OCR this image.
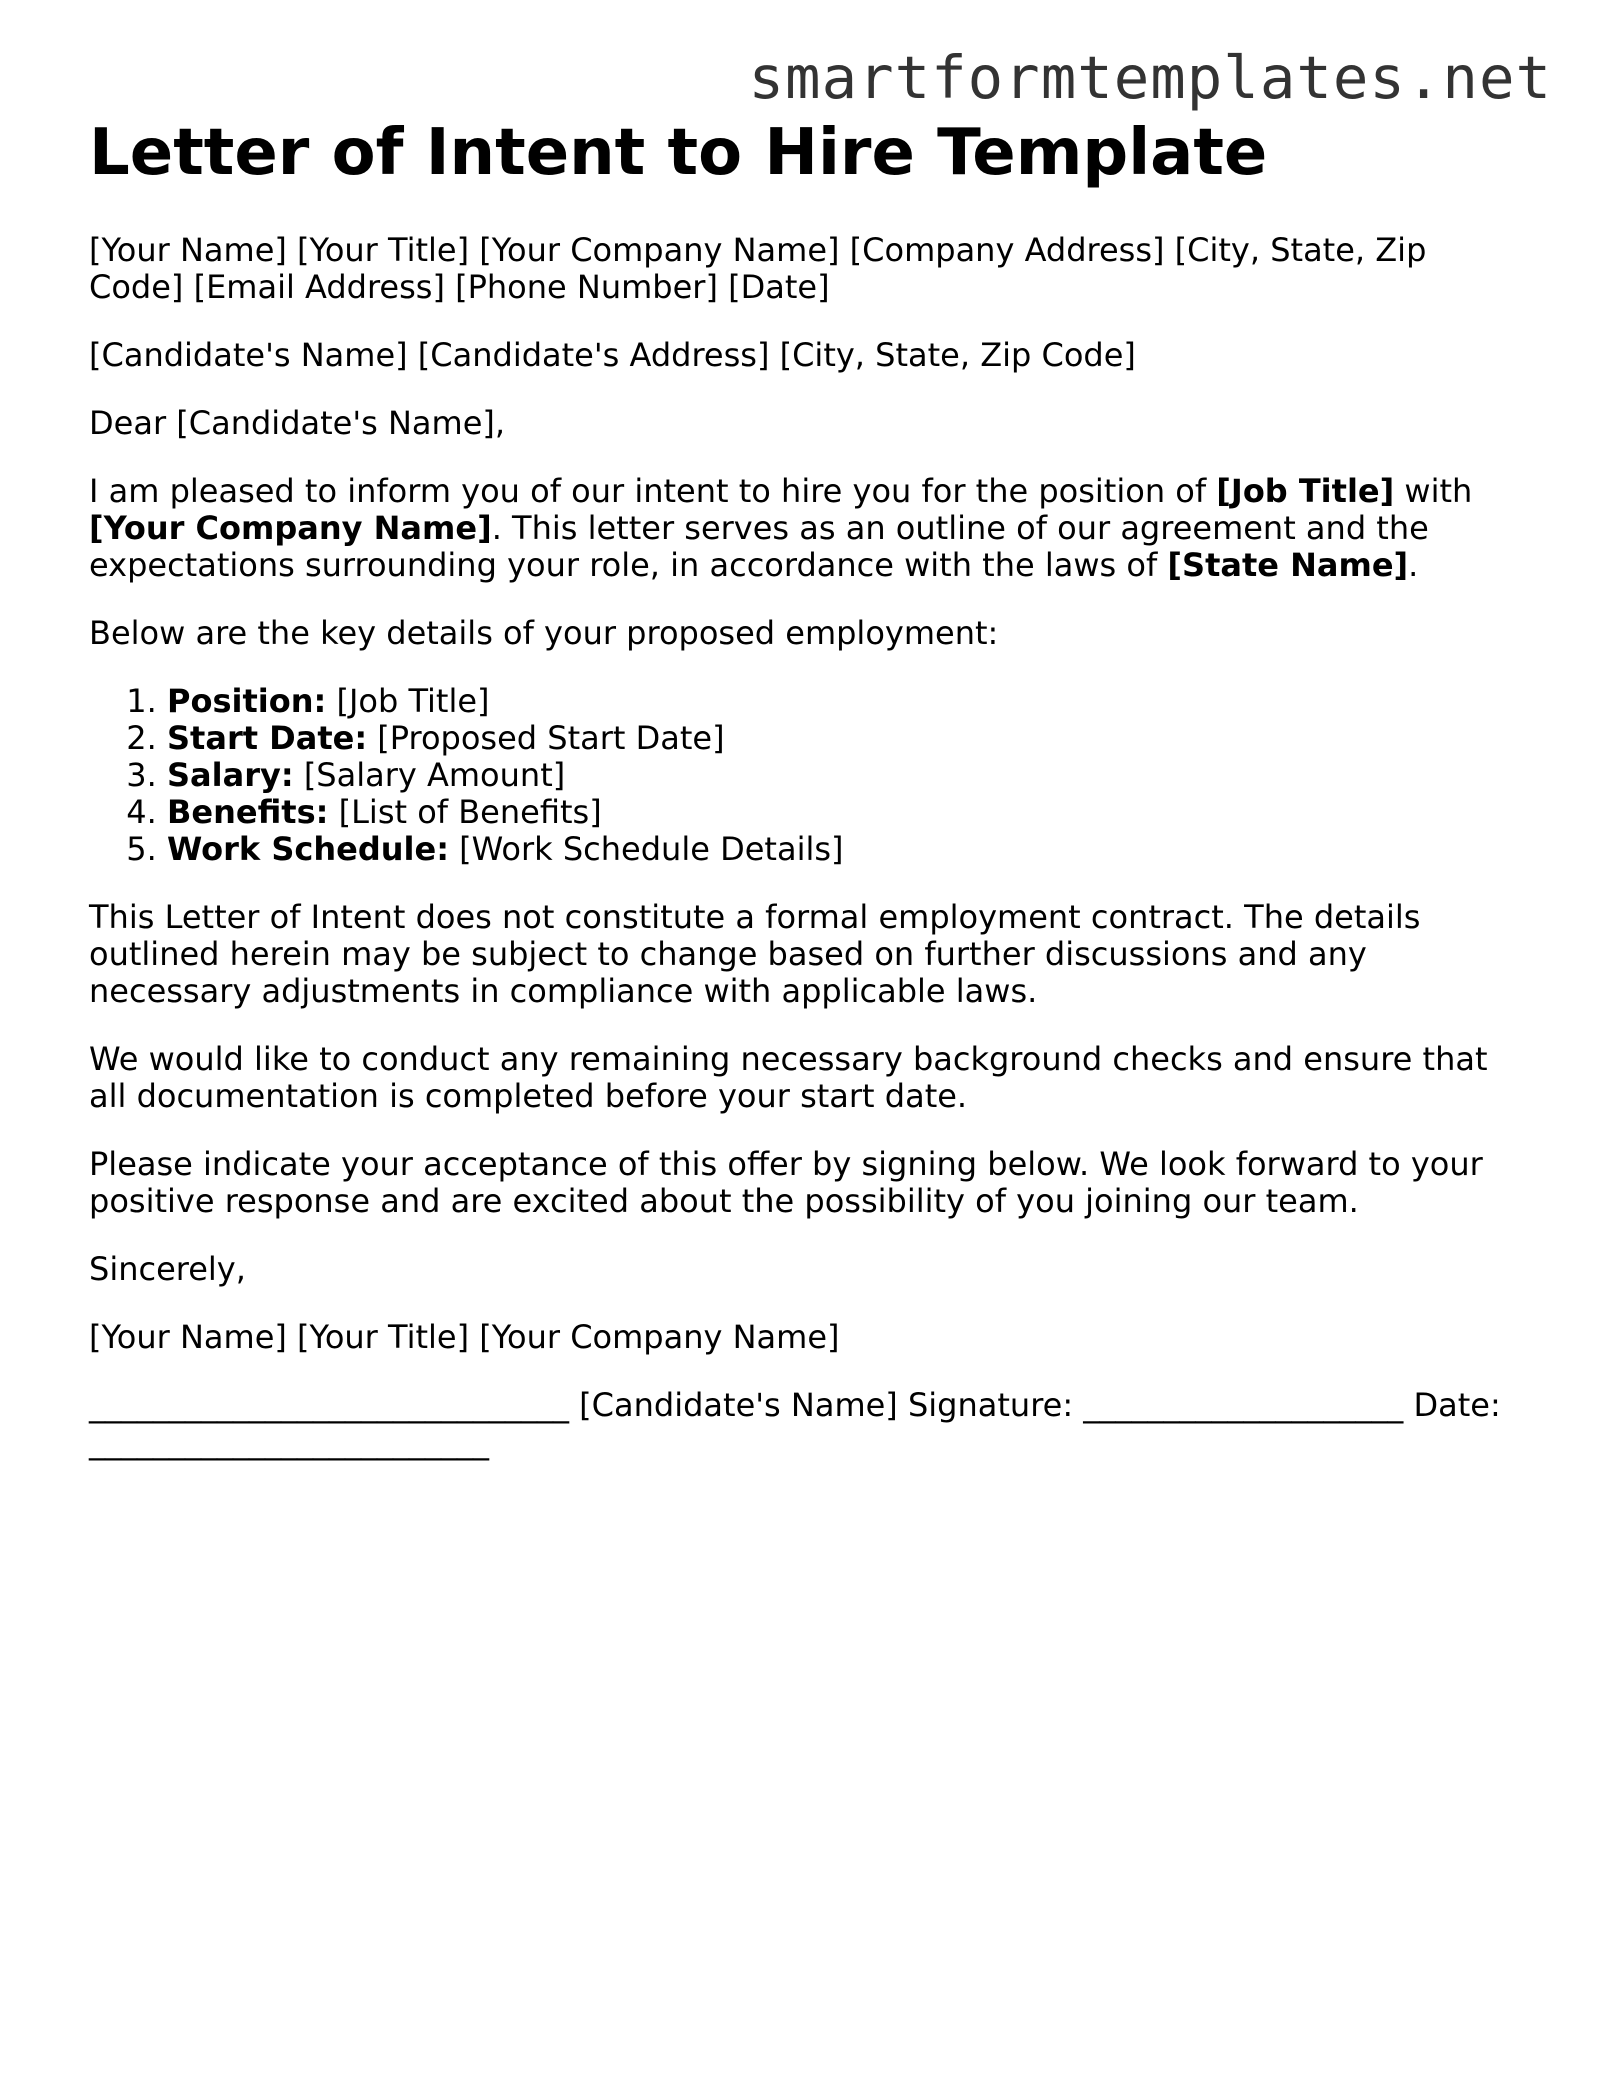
smartformtemplates.net
Letter of Intent to Hire Template

[Your Name] [Your Title] [Your Company Name] [Company Address] [City, State, Zip Code] [Email Address] [Phone Number] [Date]

[Candidate's Name] [Candidate's Address] [City, State, Zip Code]

Dear [Candidate's Name],

I am pleased to inform you of our intent to hire you for the position of [Job Title] with [Your Company Name]. This letter serves as an outline of our agreement and the expectations surrounding your role, in accordance with the laws of [State Name].

Below are the key details of your proposed employment:

1. Position: [Job Title]
2. Start Date: [Proposed Start Date]
3. Salary: [Salary Amount]
4. Benefits: [List of Benefits]
5. Work Schedule: [Work Schedule Details]

This Letter of Intent does not constitute a formal employment contract. The details outlined herein may be subject to change based on further discussions and any necessary adjustments in compliance with applicable laws.

We would like to conduct any remaining necessary background checks and ensure that all documentation is completed before your start date.

Please indicate your acceptance of this offer by signing below. We look forward to your positive response and are excited about the possibility of you joining our team.

Sincerely,

[Your Name] [Your Title] [Your Company Name]

______________________________ [Candidate's Name] Signature: ____________________ Date: _________________________
